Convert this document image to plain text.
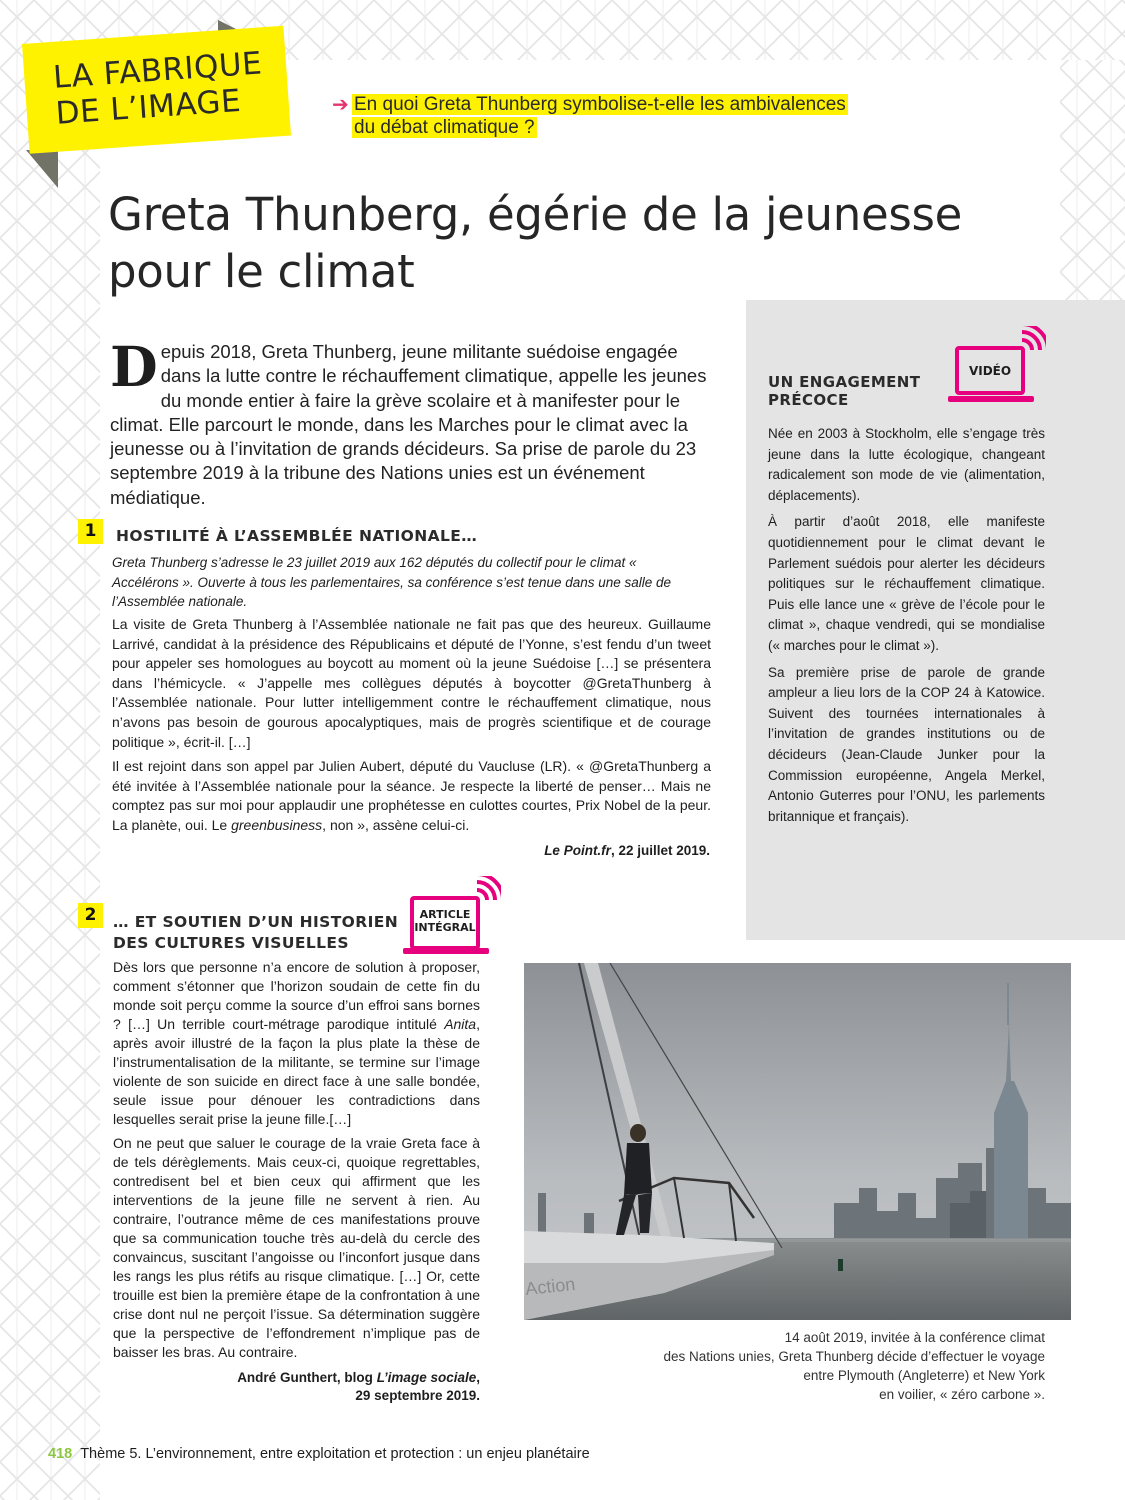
LA FABRIQUE
DE L’IMAGE	➔ En quoi Greta Thunberg symbolise-t-elle les ambivalences
du débat climatique ?
Greta Thunberg, égérie de la jeunesse
pour le climat
Depuis 2018, Greta Thunberg, jeune militante suédoise engagée dans la lutte contre le réchauffement climatique, appelle les jeunes du monde entier à faire la grève scolaire et à manifester pour le climat. Elle parcourt le monde, dans les Marches pour le climat avec la jeunesse ou à l’invitation de grands décideurs. Sa prise de parole du 23 septembre 2019 à la tribune des Nations unies est un événement médiatique.
UN ENGAGEMENT
PRÉCOCE
VIDÉO

Née en 2003 à Stockholm, elle s’engage très jeune dans la lutte écologique, changeant radicalement son mode de vie (alimentation, déplacements).

À partir d’août 2018, elle manifeste quotidiennement pour le climat devant le Parlement suédois pour alerter les décideurs politiques sur le réchauffement climatique. Puis elle lance une « grève de l’école pour le climat », chaque vendredi, qui se mondialise (« marches pour le climat »).

Sa première prise de parole de grande ampleur a lieu lors de la COP 24 à Katowice. Suivent des tournées internationales à l’invitation de grandes institutions ou de décideurs (Jean-Claude Junker pour la Commission européenne, Angela Merkel, Antonio Guterres pour l’ONU, les parlements britannique et français).

1	HOSTILITÉ À L’ASSEMBLÉE NATIONALE…
Greta Thunberg s’adresse le 23 juillet 2019 aux 162 députés du collectif pour le climat « Accélérons ». Ouverte à tous les parlementaires, sa conférence s’est tenue dans une salle de l’Assemblée nationale.

La visite de Greta Thunberg à l’Assemblée nationale ne fait pas que des heureux. Guillaume Larrivé, candidat à la présidence des Républicains et député de l’Yonne, s’est fendu d’un tweet pour appeler ses homologues au boycott au moment où la jeune Suédoise […] se présentera dans l’hémicycle. « J’appelle mes collègues députés à boycotter @GretaThunberg à l’Assemblée nationale. Pour lutter intelligemment contre le réchauffement climatique, nous n’avons pas besoin de gourous apocalyptiques, mais de progrès scientifique et de courage politique », écrit-il. […]

Il est rejoint dans son appel par Julien Aubert, député du Vaucluse (LR). « @GretaThunberg a été invitée à l’Assemblée nationale pour la séance. Je respecte la liberté de penser… Mais ne comptez pas sur moi pour applaudir une prophétesse en culottes courtes, Prix Nobel de la peur. La planète, oui. Le greenbusiness, non », assène celui-ci.

Le Point.fr, 22 juillet 2019.
2	… ET SOUTIEN D’UN HISTORIEN
DES CULTURES VISUELLES
ARTICLE
INTÉGRAL

Dès lors que personne n’a encore de solution à proposer, comment s’étonner que l’horizon soudain de cette fin du monde soit perçu comme la source d’un effroi sans bornes ? […] Un terrible court-métrage parodique intitulé Anita, après avoir illustré de la façon la plus plate la thèse de l’instrumentalisation de la militante, se termine sur l’image violente de son suicide en direct face à une salle bondée, seule issue pour dénouer les contradictions dans lesquelles serait prise la jeune fille.[…]

On ne peut que saluer le courage de la vraie Greta face à de tels dérèglements. Mais ceux-ci, quoique regrettables, contredisent bel et bien ceux qui affirment que les interventions de la jeune fille ne servent à rien. Au contraire, l’outrance même de ces manifestations prouve que sa communication touche très au-delà du cercle des convaincus, suscitant l’angoisse ou l’inconfort jusque dans les rangs les plus rétifs au risque climatique. […] Or, cette trouille est bien la première étape de la confrontation à une crise dont nul ne perçoit l’issue. Sa détermination suggère que la perspective de l’effondrement n’implique pas de baisser les bras. Au contraire.

André Gunthert, blog L’image sociale,
29 septembre 2019.
Action
14 août 2019, invitée à la conférence climat
des Nations unies, Greta Thunberg décide d’effectuer le voyage
entre Plymouth (Angleterre) et New York
en voilier, « zéro carbone ».
418 Thème 5. L’environnement, entre exploitation et protection : un enjeu planétaire
